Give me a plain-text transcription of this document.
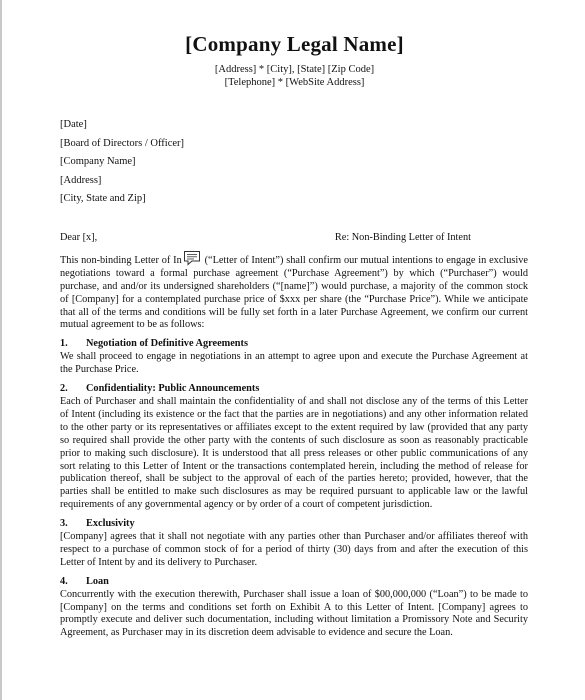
[Company Legal Name]
[Address] * [City], [State] [Zip Code]
[Telephone] * [WebSite Address]
[Date]
[Board of Directors / Officer]
[Company Name]
[Address]
[City, State and Zip]
Dear [x],	Re: Non-Binding Letter of Intent

This non-binding Letter of In
(“Letter of Intent”) shall confirm our mutual intentions to engage in exclusive negotiations toward a formal purchase agreement (“Purchase Agreement”) by which (“Purchaser”) would purchase, and and/or its undersigned shareholders (“[name]”) would purchase, a majority of the common stock of [Company] for a contemplated purchase price of $xxx per share (the “Purchase Price”). While we anticipate that all of the terms and conditions will be fully set forth in a later Purchase Agreement, we confirm our current mutual agreement to be as follows:

1.	Negotiation of Definitive Agreements

We shall proceed to engage in negotiations in an attempt to agree upon and execute the Purchase Agreement at the Purchase Price.

2.	Confidentiality: Public Announcements

Each of Purchaser and shall maintain the confidentiality of and shall not disclose any of the terms of this Letter of Intent (including its existence or the fact that the parties are in negotiations) and any other information related to the other party or its representatives or affiliates except to the extent required by law (provided that any party so required shall provide the other party with the contents of such disclosure as soon as reasonably practicable prior to making such disclosure). It is understood that all press releases or other public communications of any sort relating to this Letter of Intent or the transactions contemplated herein, including the method of release for publication thereof, shall be subject to the approval of each of the parties hereto; provided, however, that the parties shall be entitled to make such disclosures as may be required pursuant to applicable law or the lawful requirements of any governmental agency or by order of a court of competent jurisdiction.

3.	Exclusivity

[Company] agrees that it shall not negotiate with any parties other than Purchaser and/or affiliates thereof with respect to a purchase of common stock of for a period of thirty (30) days from and after the execution of this Letter of Intent by and its delivery to Purchaser.

4.	Loan

Concurrently with the execution therewith, Purchaser shall issue a loan of $00,000,000 (“Loan”) to be made to [Company] on the terms and conditions set forth on Exhibit A to this Letter of Intent. [Company] agrees to promptly execute and deliver such documentation, including without limitation a Promissory Note and Security Agreement, as Purchaser may in its discretion deem advisable to evidence and secure the Loan.
